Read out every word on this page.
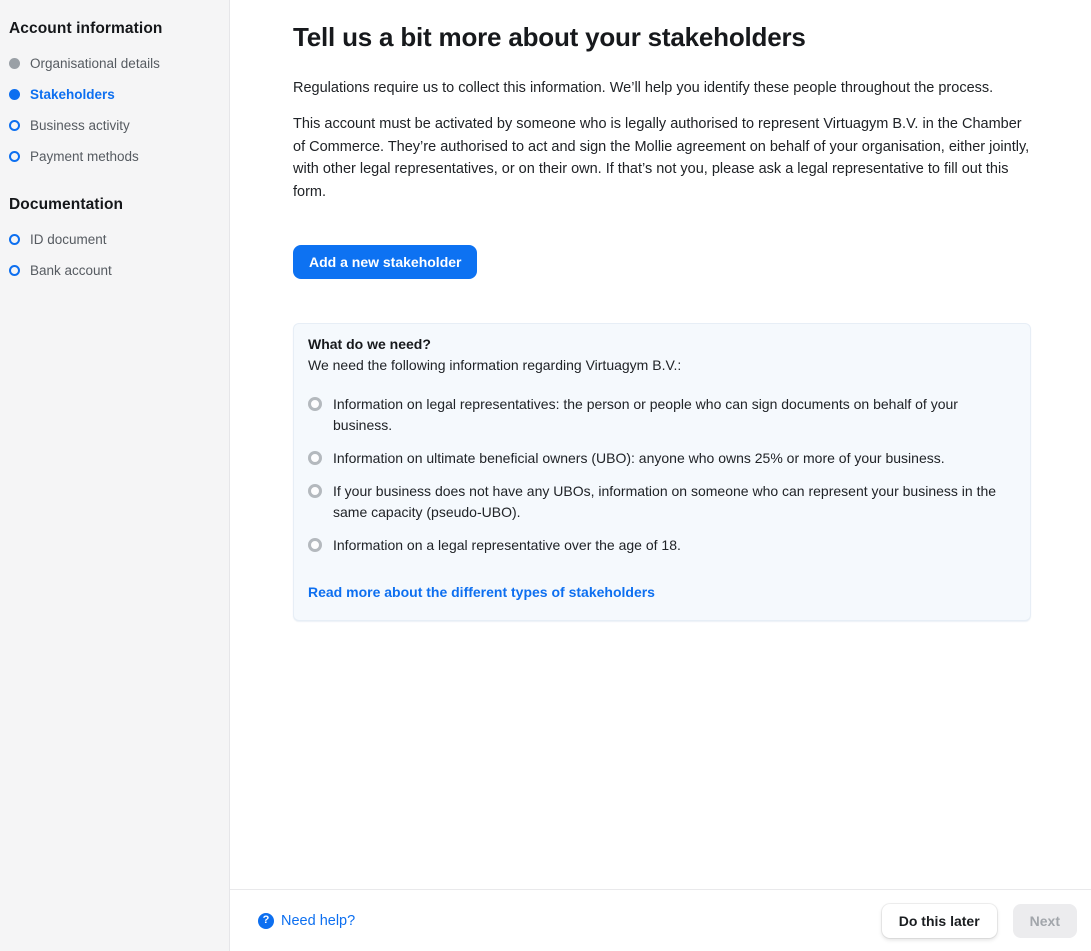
Account information
Organisational details
Stakeholders
Business activity
Payment methods
Documentation
ID document
Bank account
Tell us a bit more about your stakeholders

Regulations require us to collect this information. We’ll help you identify these people throughout the process.

This account must be activated by someone who is legally authorised to represent Virtuagym B.V. in the Chamber of Commerce. They’re authorised to act and sign the Mollie agreement on behalf of your organisation, either jointly, with other legal representatives, or on their own. If that’s not you, please ask a legal representative to fill out this form.

Add a new stakeholder
What do we need?
We need the following information regarding Virtuagym B.V.:
Information on legal representatives: the person or people who can sign documents on behalf of your business.
Information on ultimate beneficial owners (UBO): anyone who owns 25% or more of your business.
If your business does not have any UBOs, information on someone who can represent your business in the same capacity (pseudo-UBO).
Information on a legal representative over the age of 18.
Read more about the different types of stakeholders
? Need help?	Do this later	Next
